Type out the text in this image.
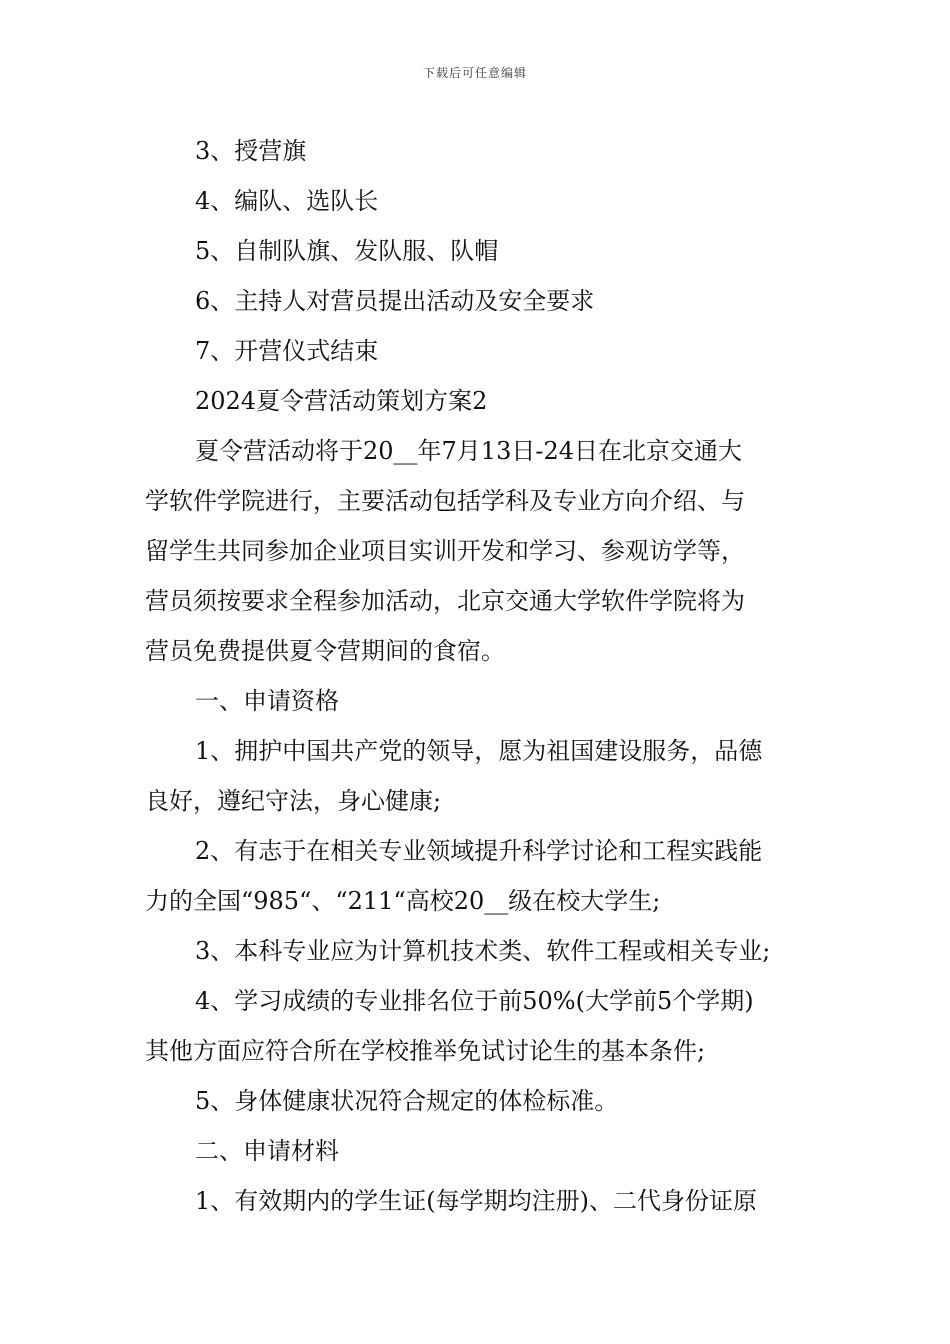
下载后可任意编辑
3、授营旗
4、编队、选队长
5、自制队旗、发队服、队帽
6、主持人对营员提出活动及安全要求
7、开营仪式结束
2024夏令营活动策划方案2
夏令营活动将于20__年7月13日-24日在北京交通大
学软件学院进行，主要活动包括学科及专业方向介绍、与
留学生共同参加企业项目实训开发和学习、参观访学等，
营员须按要求全程参加活动，北京交通大学软件学院将为
营员免费提供夏令营期间的食宿。
一、申请资格
1、拥护中国共产党的领导，愿为祖国建设服务，品德
良好，遵纪守法，身心健康;
2、有志于在相关专业领域提升科学讨论和工程实践能
力的全国“985“、“211“高校20__级在校大学生;
3、本科专业应为计算机技术类、软件工程或相关专业;
4、学习成绩的专业排名位于前50%(大学前5个学期)
其他方面应符合所在学校推举免试讨论生的基本条件;
5、身体健康状况符合规定的体检标准。
二、申请材料
1、有效期内的学生证(每学期均注册)、二代身份证原
